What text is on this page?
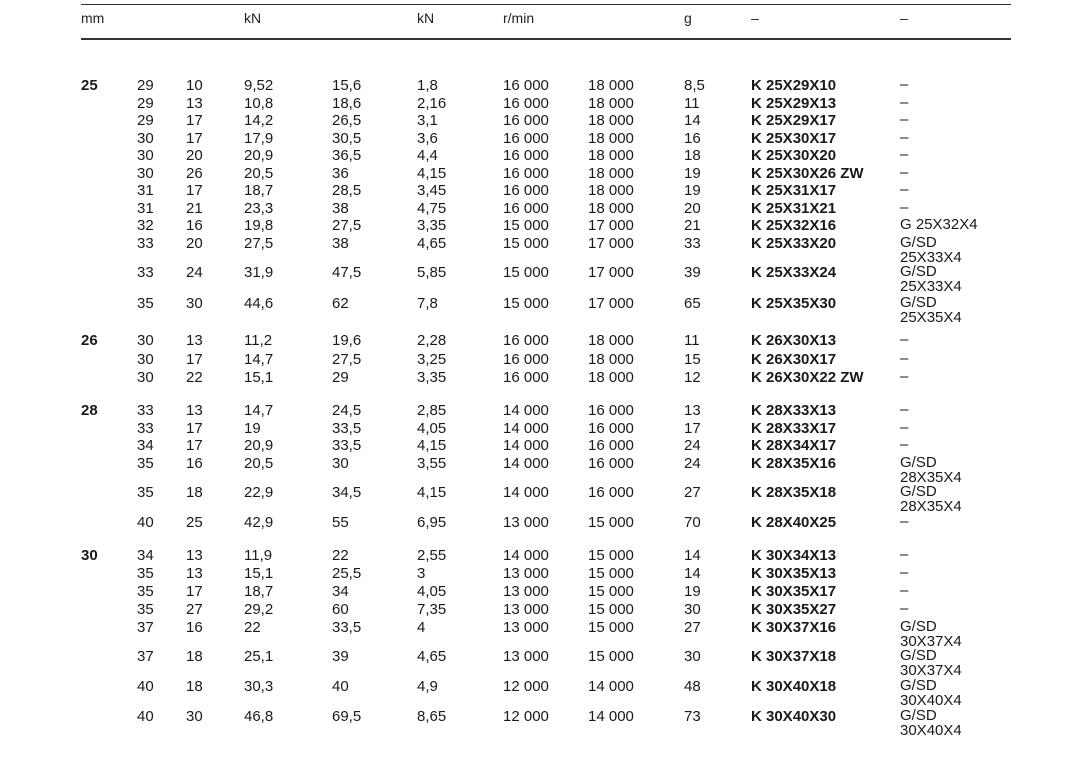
mm	kN	kN	r/min	g	–	–
25	29 10	9,52	15,6	1,8	16 000	18 000	8,5	K 25X29X10	–
29 13	10,8	18,6	2,16	16 000	18 000	11	K 25X29X13	–
29 17	14,2	26,5	3,1	16 000	18 000	14	K 25X29X17	–
30 17	17,9	30,5	3,6	16 000	18 000	16	K 25X30X17	–
30 20	20,9	36,5	4,4	16 000	18 000	18	K 25X30X20	–
30 26	20,5	36	4,15	16 000	18 000	19	K 25X30X26 ZW –
31 17	18,7	28,5	3,45	16 000	18 000	19	K 25X31X17	–
31 21	23,3	38	4,75	16 000	18 000	20	K 25X31X21	–
32 16	19,8	27,5	3,35	15 000	17 000	21	K 25X32X16	G 25X32X4
33 20	27,5	38	4,65	15 000	17 000	33	K 25X33X20	G/SD 25X33X4
33 24	31,9	47,5	5,85	15 000	17 000	39	K 25X33X24	G/SD 25X33X4
35 30	44,6	62	7,8	15 000	17 000	65	K 25X35X30	G/SD 25X35X4
26	30 13	11,2	19,6	2,28	16 000	18 000	11	K 26X30X13	–
30 17	14,7	27,5	3,25	16 000	18 000	15	K 26X30X17	–
30 22	15,1	29	3,35	16 000	18 000	12	K 26X30X22 ZW –
28	33 13	14,7	24,5	2,85	14 000	16 000	13	K 28X33X13	–
33 17	19	33,5	4,05	14 000	16 000	17	K 28X33X17	–
34 17	20,9	33,5	4,15	14 000	16 000	24	K 28X34X17	–
35 16	20,5	30	3,55	14 000	16 000	24	K 28X35X16	G/SD 28X35X4
35 18	22,9	34,5	4,15	14 000	16 000	27	K 28X35X18	G/SD 28X35X4
40 25	42,9	55	6,95	13 000	15 000	70	K 28X40X25	–
30	34 13	11,9	22	2,55	14 000	15 000	14	K 30X34X13	–
35 13	15,1	25,5	3	13 000	15 000	14	K 30X35X13	–
35 17	18,7	34	4,05	13 000	15 000	19	K 30X35X17	–
35 27	29,2	60	7,35	13 000	15 000	30	K 30X35X27	–
37 16	22	33,5	4	13 000	15 000	27	K 30X37X16	G/SD 30X37X4
37 18	25,1	39	4,65	13 000	15 000	30	K 30X37X18	G/SD 30X37X4
40 18	30,3	40	4,9	12 000	14 000	48	K 30X40X18	G/SD 30X40X4
40 30	46,8	69,5	8,65	12 000	14 000	73	K 30X40X30	G/SD 30X40X4
